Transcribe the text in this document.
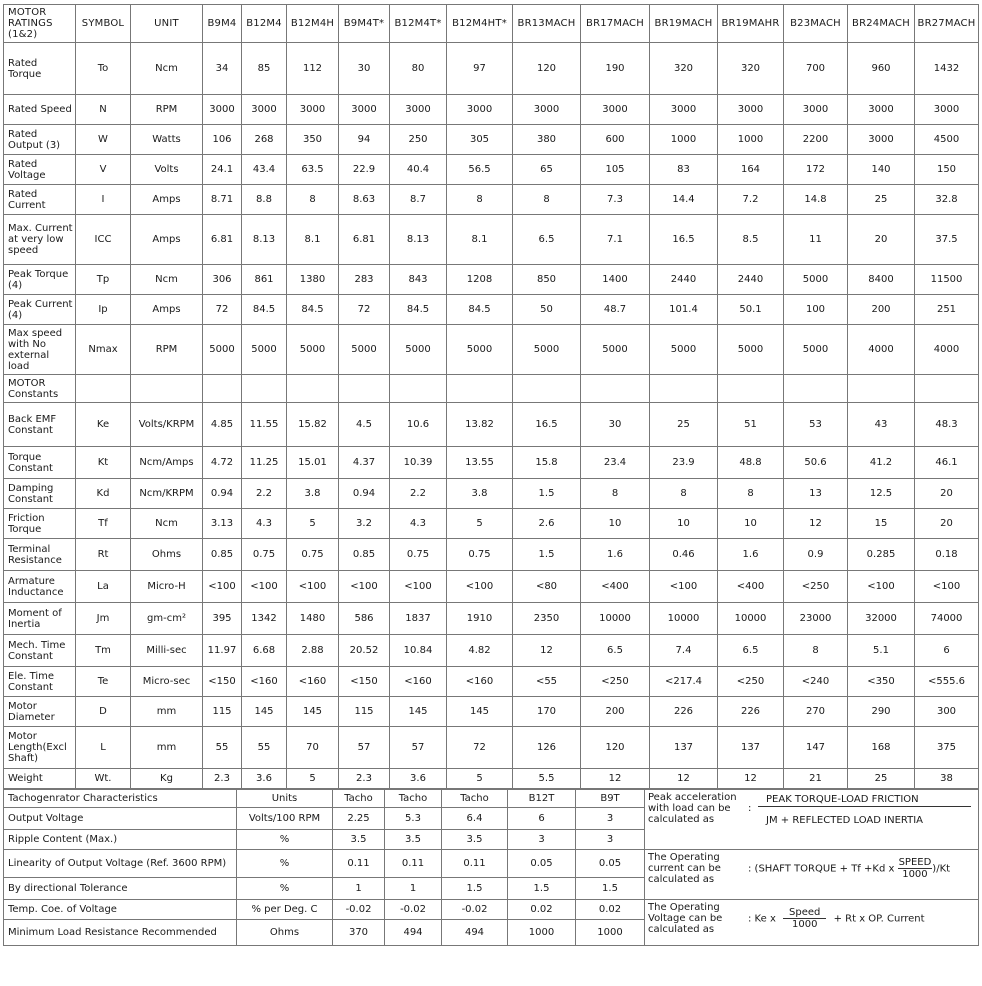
MOTOR RATINGS (1&2)	SYMBOL	UNIT	B9M4	B12M4	B12M4H	B9M4T*	B12M4T*	B12M4HT*	BR13MACH	BR17MACH	BR19MACH	BR19MAHR	B23MACH	BR24MACH	BR27MACH
Rated Torque	To	Ncm	34	85	112	30	80	97	120	190	320	320	700	960	1432
Rated Speed	N	RPM	3000	3000	3000	3000	3000	3000	3000	3000	3000	3000	3000	3000	3000
Rated Output (3)	W	Watts	106	268	350	94	250	305	380	600	1000	1000	2200	3000	4500
Rated Voltage	V	Volts	24.1	43.4	63.5	22.9	40.4	56.5	65	105	83	164	172	140	150
Rated Current	I	Amps	8.71	8.8	8	8.63	8.7	8	8	7.3	14.4	7.2	14.8	25	32.8
Max. Current at very low speed	ICC	Amps	6.81	8.13	8.1	6.81	8.13	8.1	6.5	7.1	16.5	8.5	11	20	37.5
Peak Torque (4)	Tp	Ncm	306	861	1380	283	843	1208	850	1400	2440	2440	5000	8400	11500
Peak Current (4)	Ip	Amps	72	84.5	84.5	72	84.5	84.5	50	48.7	101.4	50.1	100	200	251
Max speed with No external load	Nmax	RPM	5000	5000	5000	5000	5000	5000	5000	5000	5000	5000	5000	4000	4000
MOTOR Constants															
Back EMF Constant	Ke	Volts/KRPM	4.85	11.55	15.82	4.5	10.6	13.82	16.5	30	25	51	53	43	48.3
Torque Constant	Kt	Ncm/Amps	4.72	11.25	15.01	4.37	10.39	13.55	15.8	23.4	23.9	48.8	50.6	41.2	46.1
Damping Constant	Kd	Ncm/KRPM	0.94	2.2	3.8	0.94	2.2	3.8	1.5	8	8	8	13	12.5	20
Friction Torque	Tf	Ncm	3.13	4.3	5	3.2	4.3	5	2.6	10	10	10	12	15	20
Terminal Resistance	Rt	Ohms	0.85	0.75	0.75	0.85	0.75	0.75	1.5	1.6	0.46	1.6	0.9	0.285	0.18
Armature Inductance	La	Micro-H	<100	<100	<100	<100	<100	<100	<80	<400	<100	<400	<250	<100	<100
Moment of Inertia	Jm	gm-cm²	395	1342	1480	586	1837	1910	2350	10000	10000	10000	23000	32000	74000
Mech. Time Constant	Tm	Milli-sec	11.97	6.68	2.88	20.52	10.84	4.82	12	6.5	7.4	6.5	8	5.1	6
Ele. Time Constant	Te	Micro-sec	<150	<160	<160	<150	<160	<160	<55	<250	<217.4	<250	<240	<350	<555.6
Motor Diameter	D	mm	115	145	145	115	145	145	170	200	226	226	270	290	300
Motor Length(Excl Shaft)	L	mm	55	55	70	57	57	72	126	120	137	137	147	168	375
Weight	Wt.	Kg	2.3	3.6	5	2.3	3.6	5	5.5	12	12	12	21	25	38
Tachogenrator Characteristics	Units	Tacho	Tacho	Tacho	B12T	B9T	Peak acceleration with load can be calculated as
:
PEAK TORQUE-LOAD FRICTION
JM + REFLECTED LOAD INERTIA

Output Voltage	Volts/100 RPM	2.25	5.3	6.4	6	3	
Ripple Content (Max.)	%	3.5	3.5	3.5	3	3	
Linearity of Output Voltage (Ref. 3600 RPM)	%	0.11	0.11	0.11	0.05	0.05	The Operating current can be calculated as
: (SHAFT TORQUE + Tf +Kd x $\frac{\text{SPEED}}{1000} )/Kt$

By directional Tolerance	%	1	1	1.5	1.5	1.5	
Temp. Coe. of Voltage	% per Deg. C	-0.02	-0.02	-0.02	0.02	0.02	The Operating Voltage can be calculated as
: Ke x $\frac{\text{Speed}}{1000} + Rt$ x OP. Current

Minimum Load Resistance Recommended	Ohms	370	494	494	1000	1000	
